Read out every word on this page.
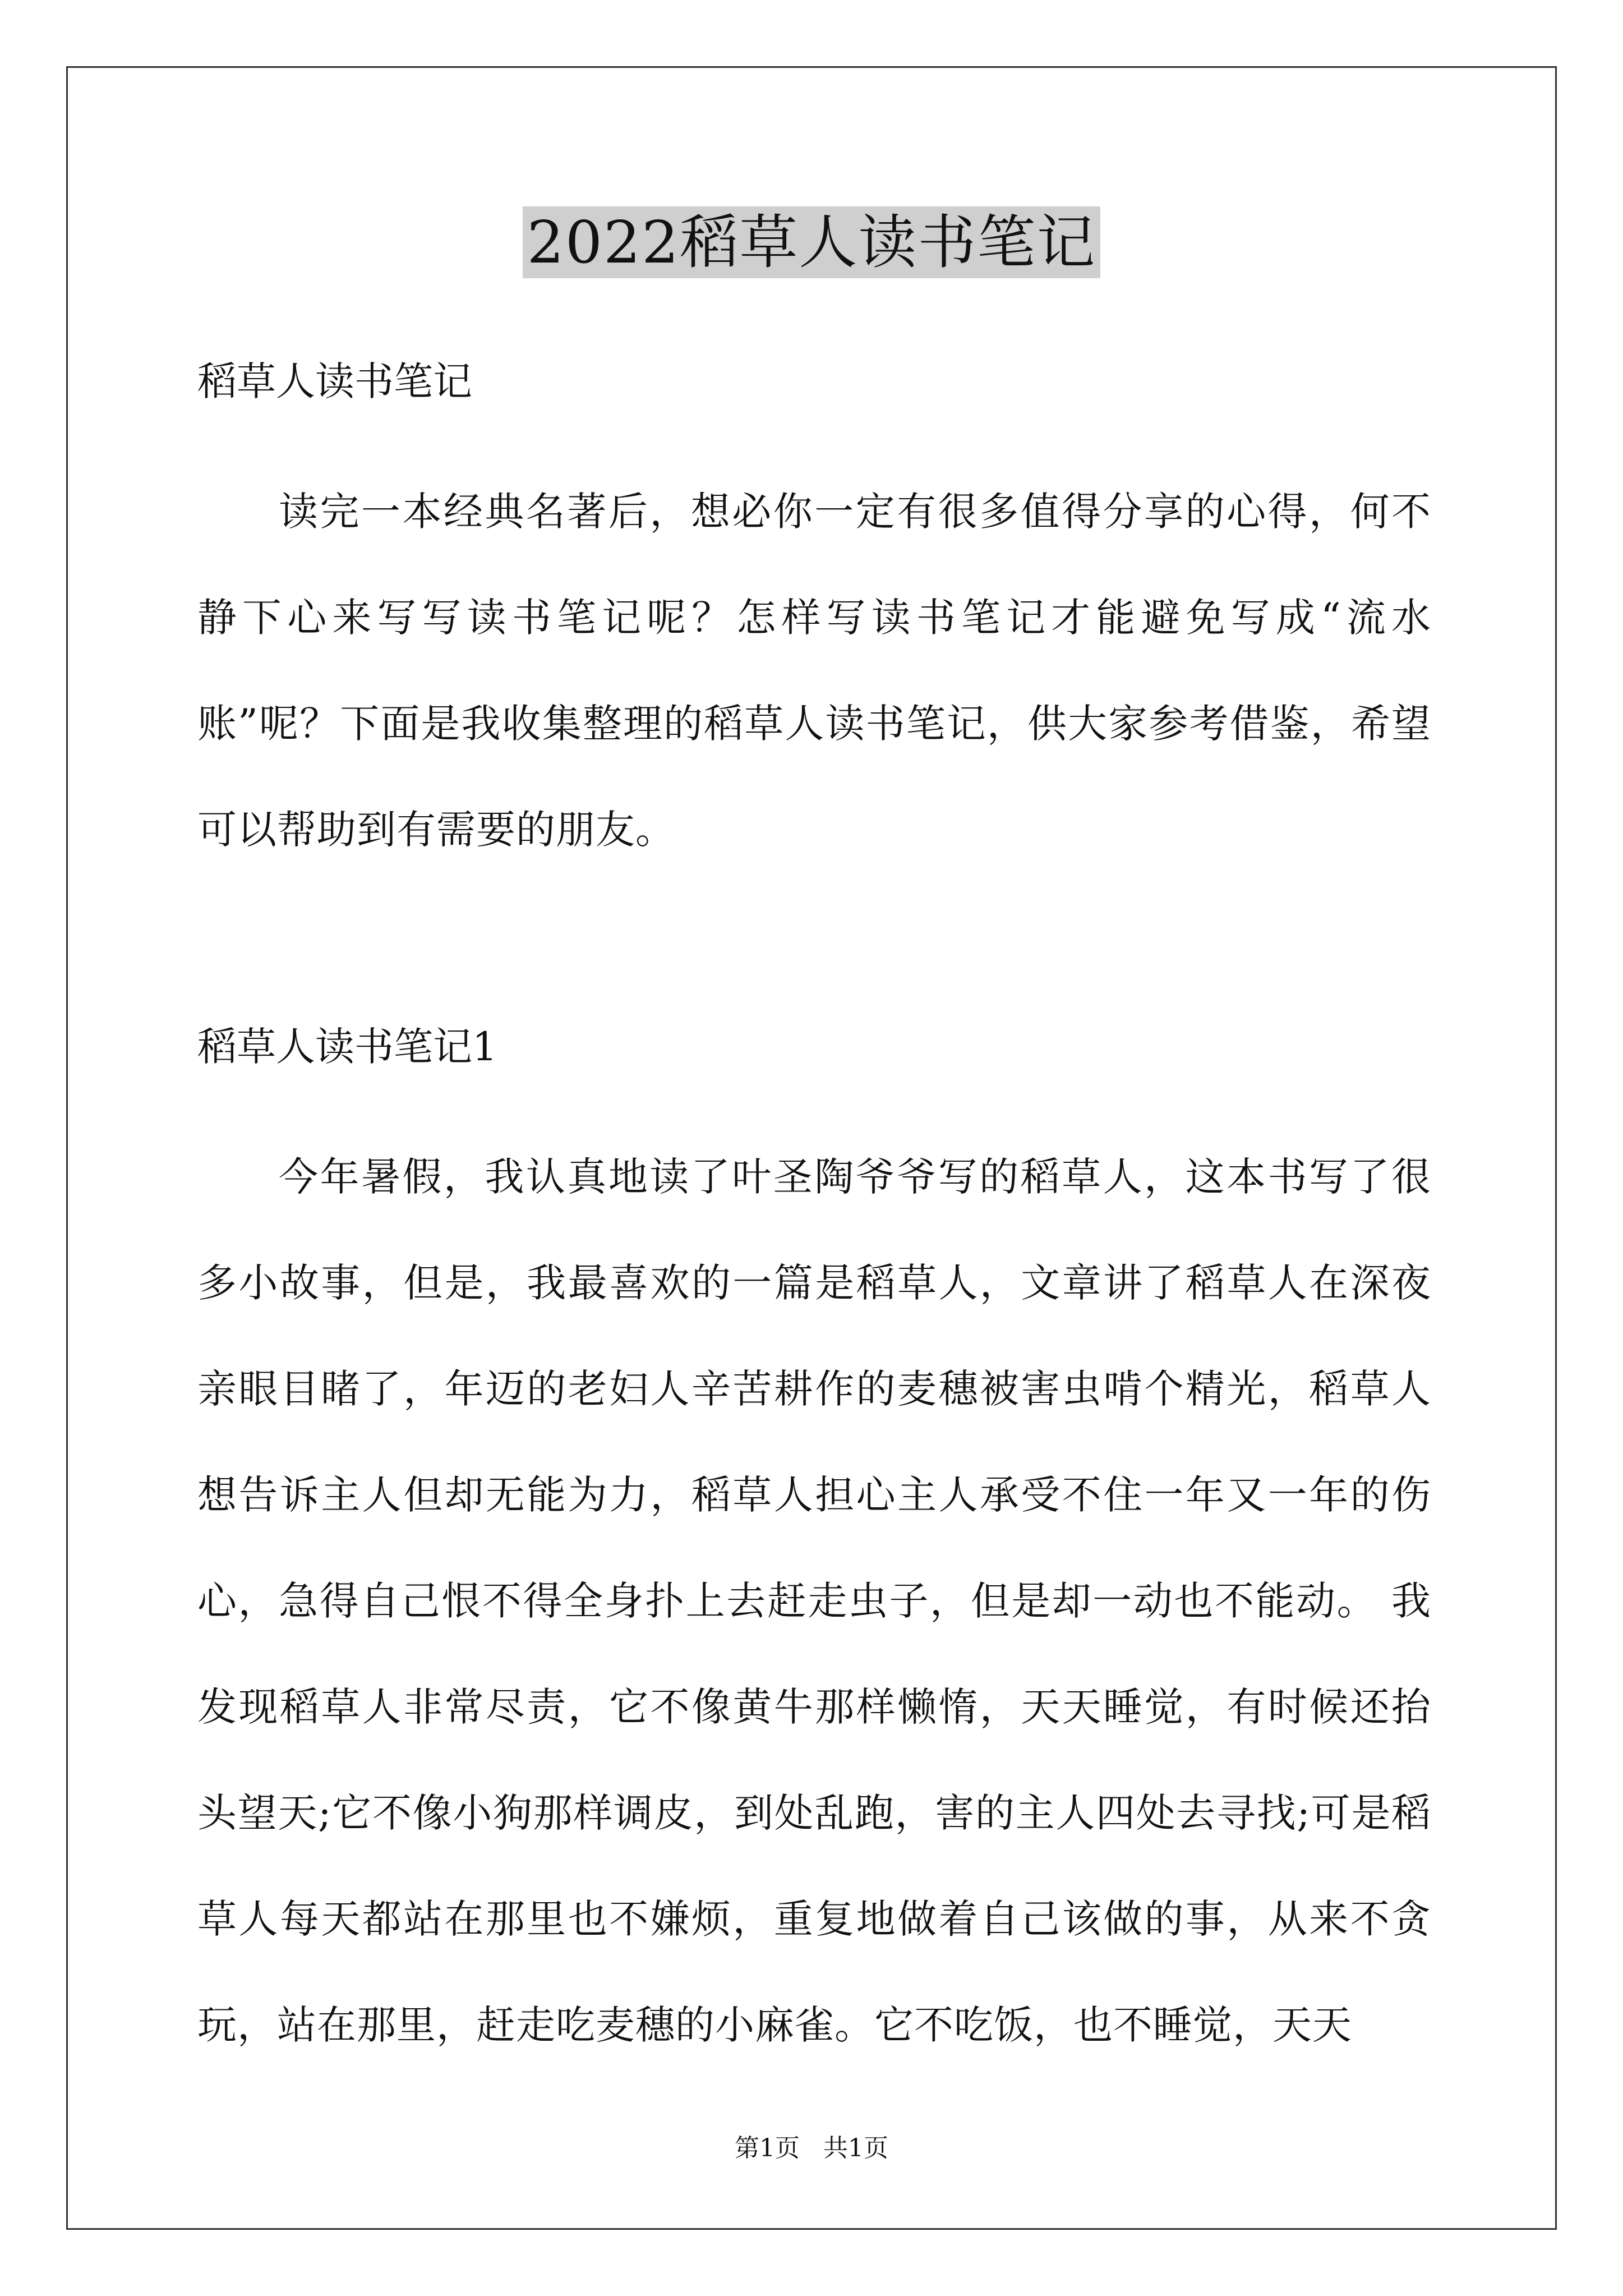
2022稻草人读书笔记

稻草人读书笔记

读完一本经典名著后，想必你一定有很多值得分享的心得，何不静下心来写写读书笔记呢？怎样写读书笔记才能避免写成“流水账”呢？下面是我收集整理的稻草人读书笔记，供大家参考借鉴，希望可以帮助到有需要的朋友。

稻草人读书笔记1

今年暑假，我认真地读了叶圣陶爷爷写的稻草人，这本书写了很多小故事，但是，我最喜欢的一篇是稻草人，文章讲了稻草人在深夜亲眼目睹了，年迈的老妇人辛苦耕作的麦穗被害虫啃个精光，稻草人想告诉主人但却无能为力，稻草人担心主人承受不住一年又一年的伤心，急得自己恨不得全身扑上去赶走虫子，但是却一动也不能动。 我发现稻草人非常尽责，它不像黄牛那样懒惰，天天睡觉，有时候还抬头望天;它不像小狗那样调皮，到处乱跑，害的主人四处去寻找;可是稻草人每天都站在那里也不嫌烦，重复地做着自己该做的事，从来不贪玩，站在那里，赶走吃麦穗的小麻雀。它不吃饭，也不睡觉，天天

第1页   共1页
